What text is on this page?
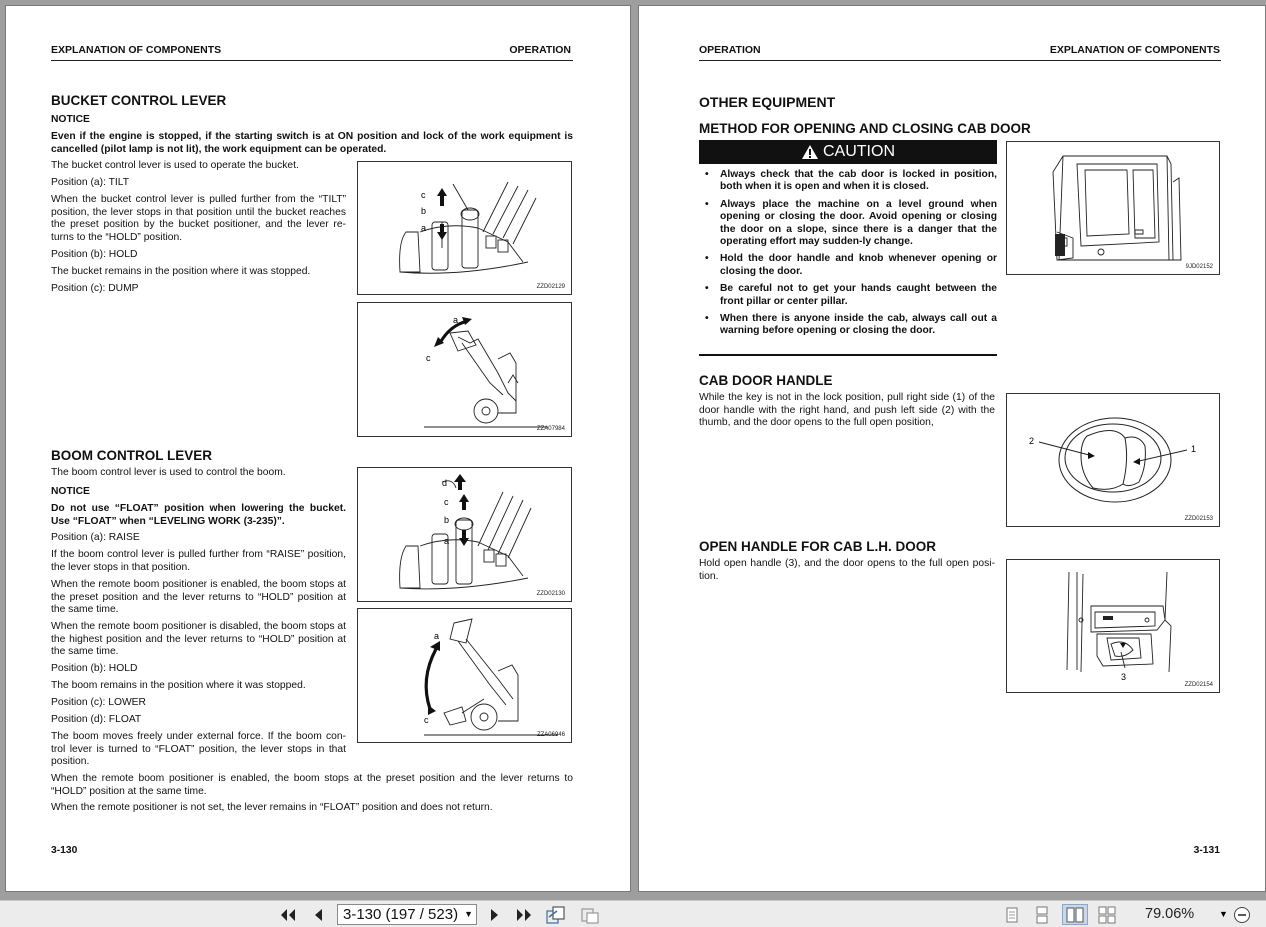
EXPLANATION OF COMPONENTS	OPERATION
BUCKET CONTROL LEVER
NOTICE
Even if the engine is stopped, if the starting switch is at ON position and lock of the work equipment is cancelled (pilot lamp is not lit), the work equipment can be operated.
The bucket control lever is used to operate the bucket.
Position (a): TILT
When the bucket control lever is pulled further from the “TILT” position, the lever stops in that position until the bucket reaches the preset position by the bucket positioner, and the lever re-turns to the “HOLD” position.
Position (b): HOLD
The bucket remains in the position where it was stopped.
Position (c): DUMP
c
b
a
ZZD02129
a
c
ZZA07984
BOOM CONTROL LEVER
The boom control lever is used to control the boom.
NOTICE
Do not use “FLOAT” position when lowering the bucket. Use “FLOAT” when “LEVELING WORK (3-235)”.
Position (a): RAISE
If the boom control lever is pulled further from “RAISE” position, the lever stops in that position.
When the remote boom positioner is enabled, the boom stops at the preset position and the lever returns to “HOLD” position at the same time.
When the remote boom positioner is disabled, the boom stops at the highest position and the lever returns to “HOLD” position at the same time.
Position (b): HOLD
The boom remains in the position where it was stopped.
Position (c): LOWER
Position (d): FLOAT
The boom moves freely under external force. If the boom con-trol lever is turned to “FLOAT” position, the lever stops in that position.
When the remote boom positioner is enabled, the boom stops at the preset position and the lever returns to “HOLD” position at the same time.
When the remote positioner is not set, the lever remains in “FLOAT” position and does not return.
d
c
b
a
ZZD02130
a
c
ZZA06946
3-130
OPERATION	EXPLANATION OF COMPONENTS
OTHER EQUIPMENT
METHOD FOR OPENING AND CLOSING CAB DOOR
CAUTION
• Always check that the cab door is locked in position, both when it is open and when it is closed.
• Always place the machine on a level ground when opening or closing the door. Avoid opening or closing the door on a slope, since there is a danger that the operating effort may sudden-ly change.
• Hold the door handle and knob whenever opening or closing the door.
• Be careful not to get your hands caught between the front pillar or center pillar.
• When there is anyone inside the cab, always call out a warning before opening or closing the door.
9JD02152
CAB DOOR HANDLE
While the key is not in the lock position, pull right side (1) of the door handle with the right hand, and push left side (2) with the thumb, and the door opens to the full open position,
2
1
ZZD02153
OPEN HANDLE FOR CAB L.H. DOOR
Hold open handle (3), and the door opens to the full open posi-tion.
3
ZZD02154
3-131
3-130 (197 / 523) ▼	79.06%	▼
